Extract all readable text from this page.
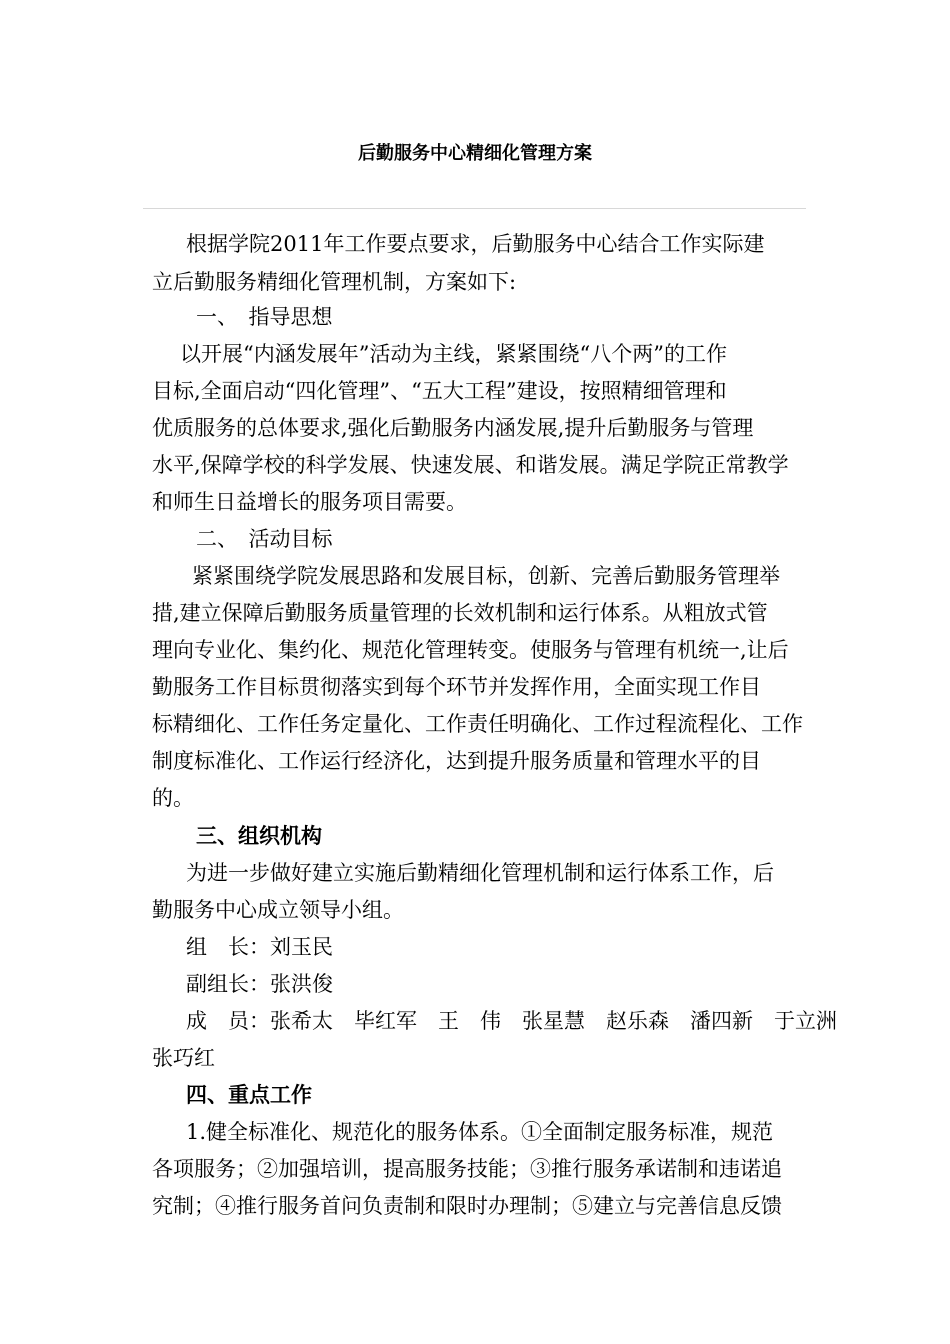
后勤服务中心精细化管理方案
根据学院2011年工作要点要求，后勤服务中心结合工作实际建
立后勤服务精细化管理机制，方案如下:
一、　指导思想
以开展“内涵发展年”活动为主线，紧紧围绕“八个两”的工作
目标,全面启动“四化管理”、“五大工程”建设，按照精细管理和
优质服务的总体要求,强化后勤服务内涵发展,提升后勤服务与管理
水平,保障学校的科学发展、快速发展、和谐发展。满足学院正常教学
和师生日益增长的服务项目需要。
二、　活动目标
紧紧围绕学院发展思路和发展目标，创新、完善后勤服务管理举
措,建立保障后勤服务质量管理的长效机制和运行体系。从粗放式管
理向专业化、集约化、规范化管理转变。使服务与管理有机统一,让后
勤服务工作目标贯彻落实到每个环节并发挥作用，全面实现工作目
标精细化、工作任务定量化、工作责任明确化、工作过程流程化、工作
制度标准化、工作运行经济化，达到提升服务质量和管理水平的目
的。
三、组织机构
为进一步做好建立实施后勤精细化管理机制和运行体系工作，后
勤服务中心成立领导小组。
组　长：刘玉民
副组长：张洪俊
成　员：张希太　毕红军　王　伟　张星慧　赵乐森　潘四新　于立洲
张巧红
四、重点工作
1.健全标准化、规范化的服务体系。①全面制定服务标准，规范
各项服务；②加强培训，提高服务技能；③推行服务承诺制和违诺追
究制；④推行服务首问负责制和限时办理制；⑤建立与完善信息反馈
